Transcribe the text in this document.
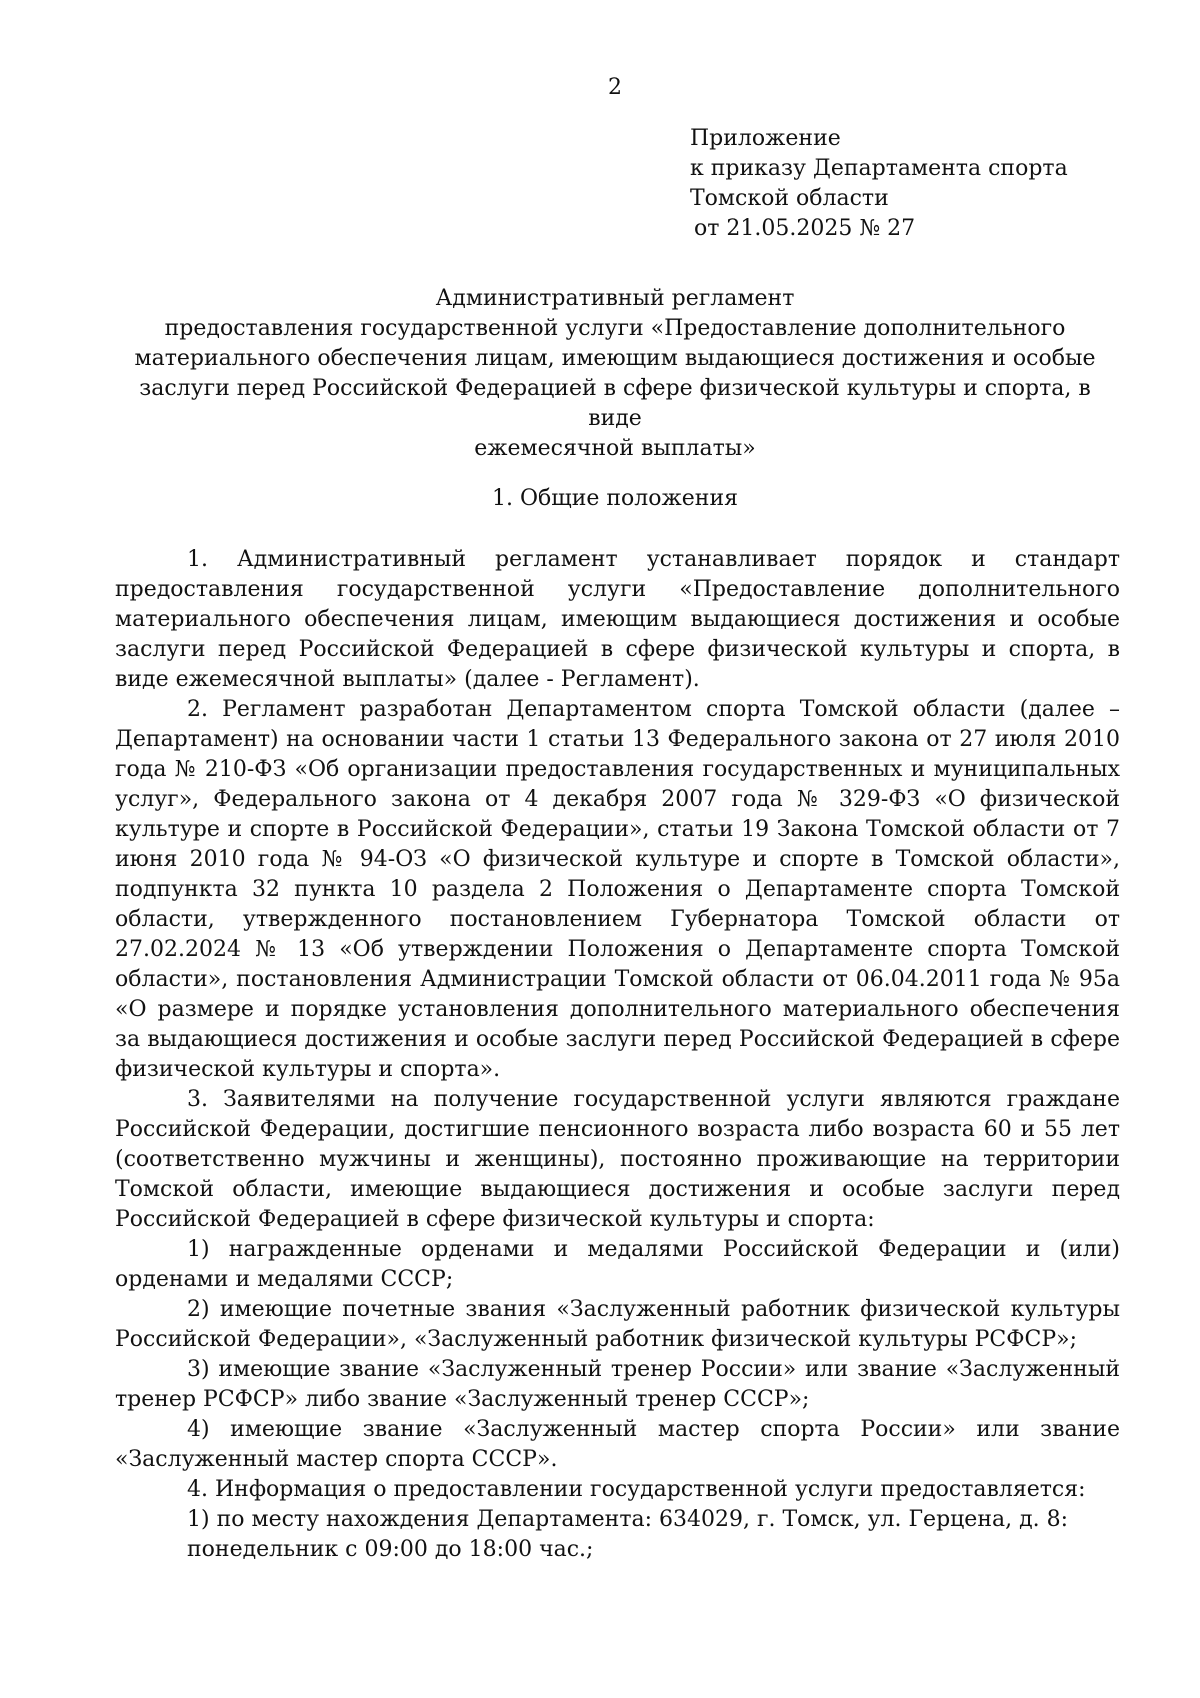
2
Приложение
к приказу Департамента спорта
Томской области
от 21.05.2025 № 27
Административный регламент
предоставления государственной услуги «Предоставление дополнительного
материального обеспечения лицам, имеющим выдающиеся достижения и особые
заслуги перед Российской Федерацией в сфере физической культуры и спорта, в виде
ежемесячной выплаты»
1. Общие положения

1. Административный регламент устанавливает порядок и стандарт предоставления государственной услуги «Предоставление дополнительного материального обеспечения лицам, имеющим выдающиеся достижения и особые заслуги перед Российской Федерацией в сфере физической культуры и спорта, в виде ежемесячной выплаты» (далее - Регламент).

2. Регламент разработан Департаментом спорта Томской области (далее – Департамент) на основании части 1 статьи 13 Федерального закона от 27 июля 2010 года № 210-ФЗ «Об организации предоставления государственных и муниципальных услуг», Федерального закона от 4 декабря 2007 года № 329-ФЗ «О физической культуре и спорте в Российской Федерации», статьи 19 Закона Томской области от 7 июня 2010 года № 94-ОЗ «О физической культуре и спорте в Томской области», подпункта 32 пункта 10 раздела 2 Положения о Департаменте спорта Томской области, утвержденного постановлением Губернатора Томской области от 27.02.2024 № 13 «Об утверждении Положения о Департаменте спорта Томской области», постановления Администрации Томской области от 06.04.2011 года № 95а «О размере и порядке установления дополнительного материального обеспечения за выдающиеся достижения и особые заслуги перед Российской Федерацией в сфере физической культуры и спорта».

3. Заявителями на получение государственной услуги являются граждане Российской Федерации, достигшие пенсионного возраста либо возраста 60 и 55 лет (соответственно мужчины и женщины), постоянно проживающие на территории Томской области, имеющие выдающиеся достижения и особые заслуги перед Российской Федерацией в сфере физической культуры и спорта:

1) награжденные орденами и медалями Российской Федерации и (или) орденами и медалями СССР;

2) имеющие почетные звания «Заслуженный работник физической культуры Российской Федерации», «Заслуженный работник физической культуры РСФСР»;

3) имеющие звание «Заслуженный тренер России» или звание «Заслуженный тренер РСФСР» либо звание «Заслуженный тренер СССР»;

4) имеющие звание «Заслуженный мастер спорта России» или звание «Заслуженный мастер спорта СССР».

4. Информация о предоставлении государственной услуги предоставляется:

1) по месту нахождения Департамента: 634029, г. Томск, ул. Герцена, д. 8:

понедельник с 09:00 до 18:00 час.;
